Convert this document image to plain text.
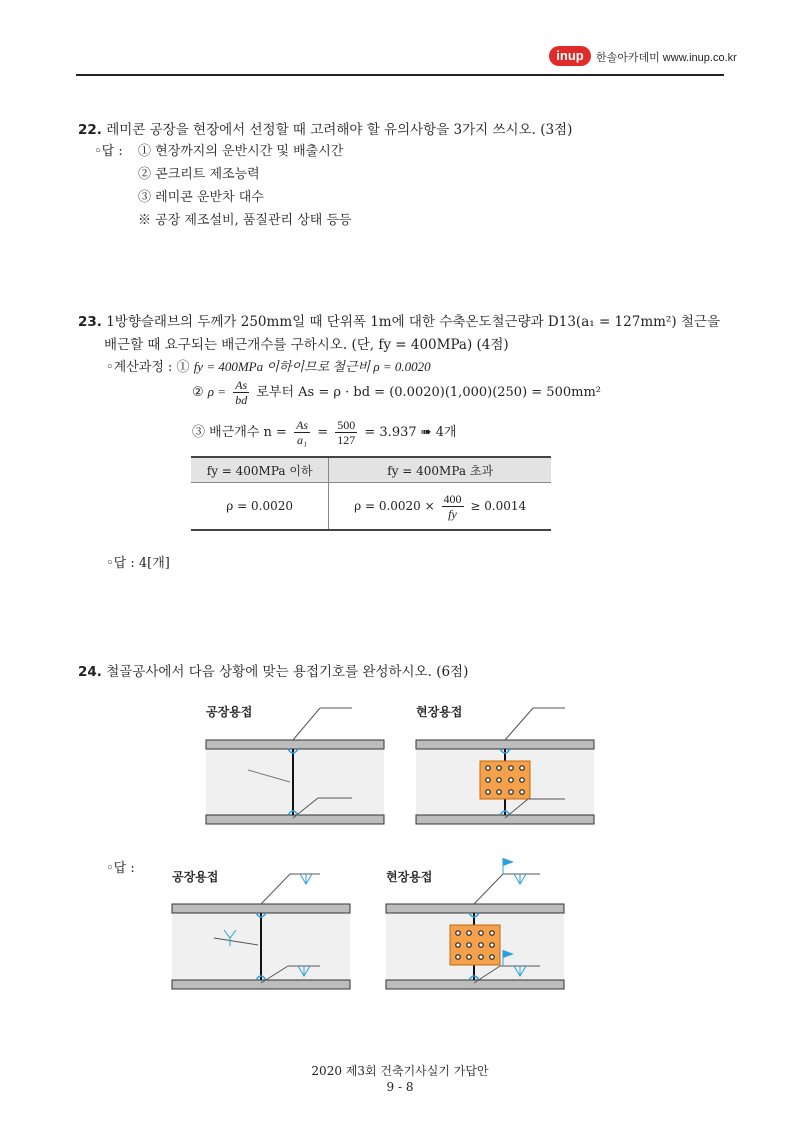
inup	한솔아카데미 www.inup.co.kr
22. 레미콘 공장을 현장에서 선정할 때 고려해야 할 유의사항을 3가지 쓰시오. (3점)
◦답 : ① 현장까지의 운반시간 및 배출시간
② 콘크리트 제조능력
③ 레미콘 운반차 대수
※ 공장 제조설비, 품질관리 상태 등등
23. 1방향슬래브의 두께가 250mm일 때 단위폭 1m에 대한 수축온도철근량과 D13(a₁ = 127mm²) 철근을
배근할 때 요구되는 배근개수를 구하시오. (단, fy = 400MPa) (4점)
◦계산과정 : ① fy = 400MPa 이하이므로 철근비 ρ = 0.0020
② $\rho = \frac{As}{bd}$ 로부터 As = ρ · bd = (0.0020)(1,000)(250) = 500mm²
③ 배근개수 $n = \frac{As}{\text{a₁}} = \frac{500}{127} = 3.937$ ➠ 4개
fy = 400MPa 이하	fy = 400MPa 초과
ρ = 0.0020	$\rho = 0.0020 \times \frac{400}{fy} \ge 0.0014$
◦답 : 4[개]
24. 철골공사에서 다음 상황에 맞는 용접기호를 완성하시오. (6점)
공장용접	현장용접
◦답 :
공장용접	현장용접
2020 제3회 건축기사실기 가답안
9 - 8
